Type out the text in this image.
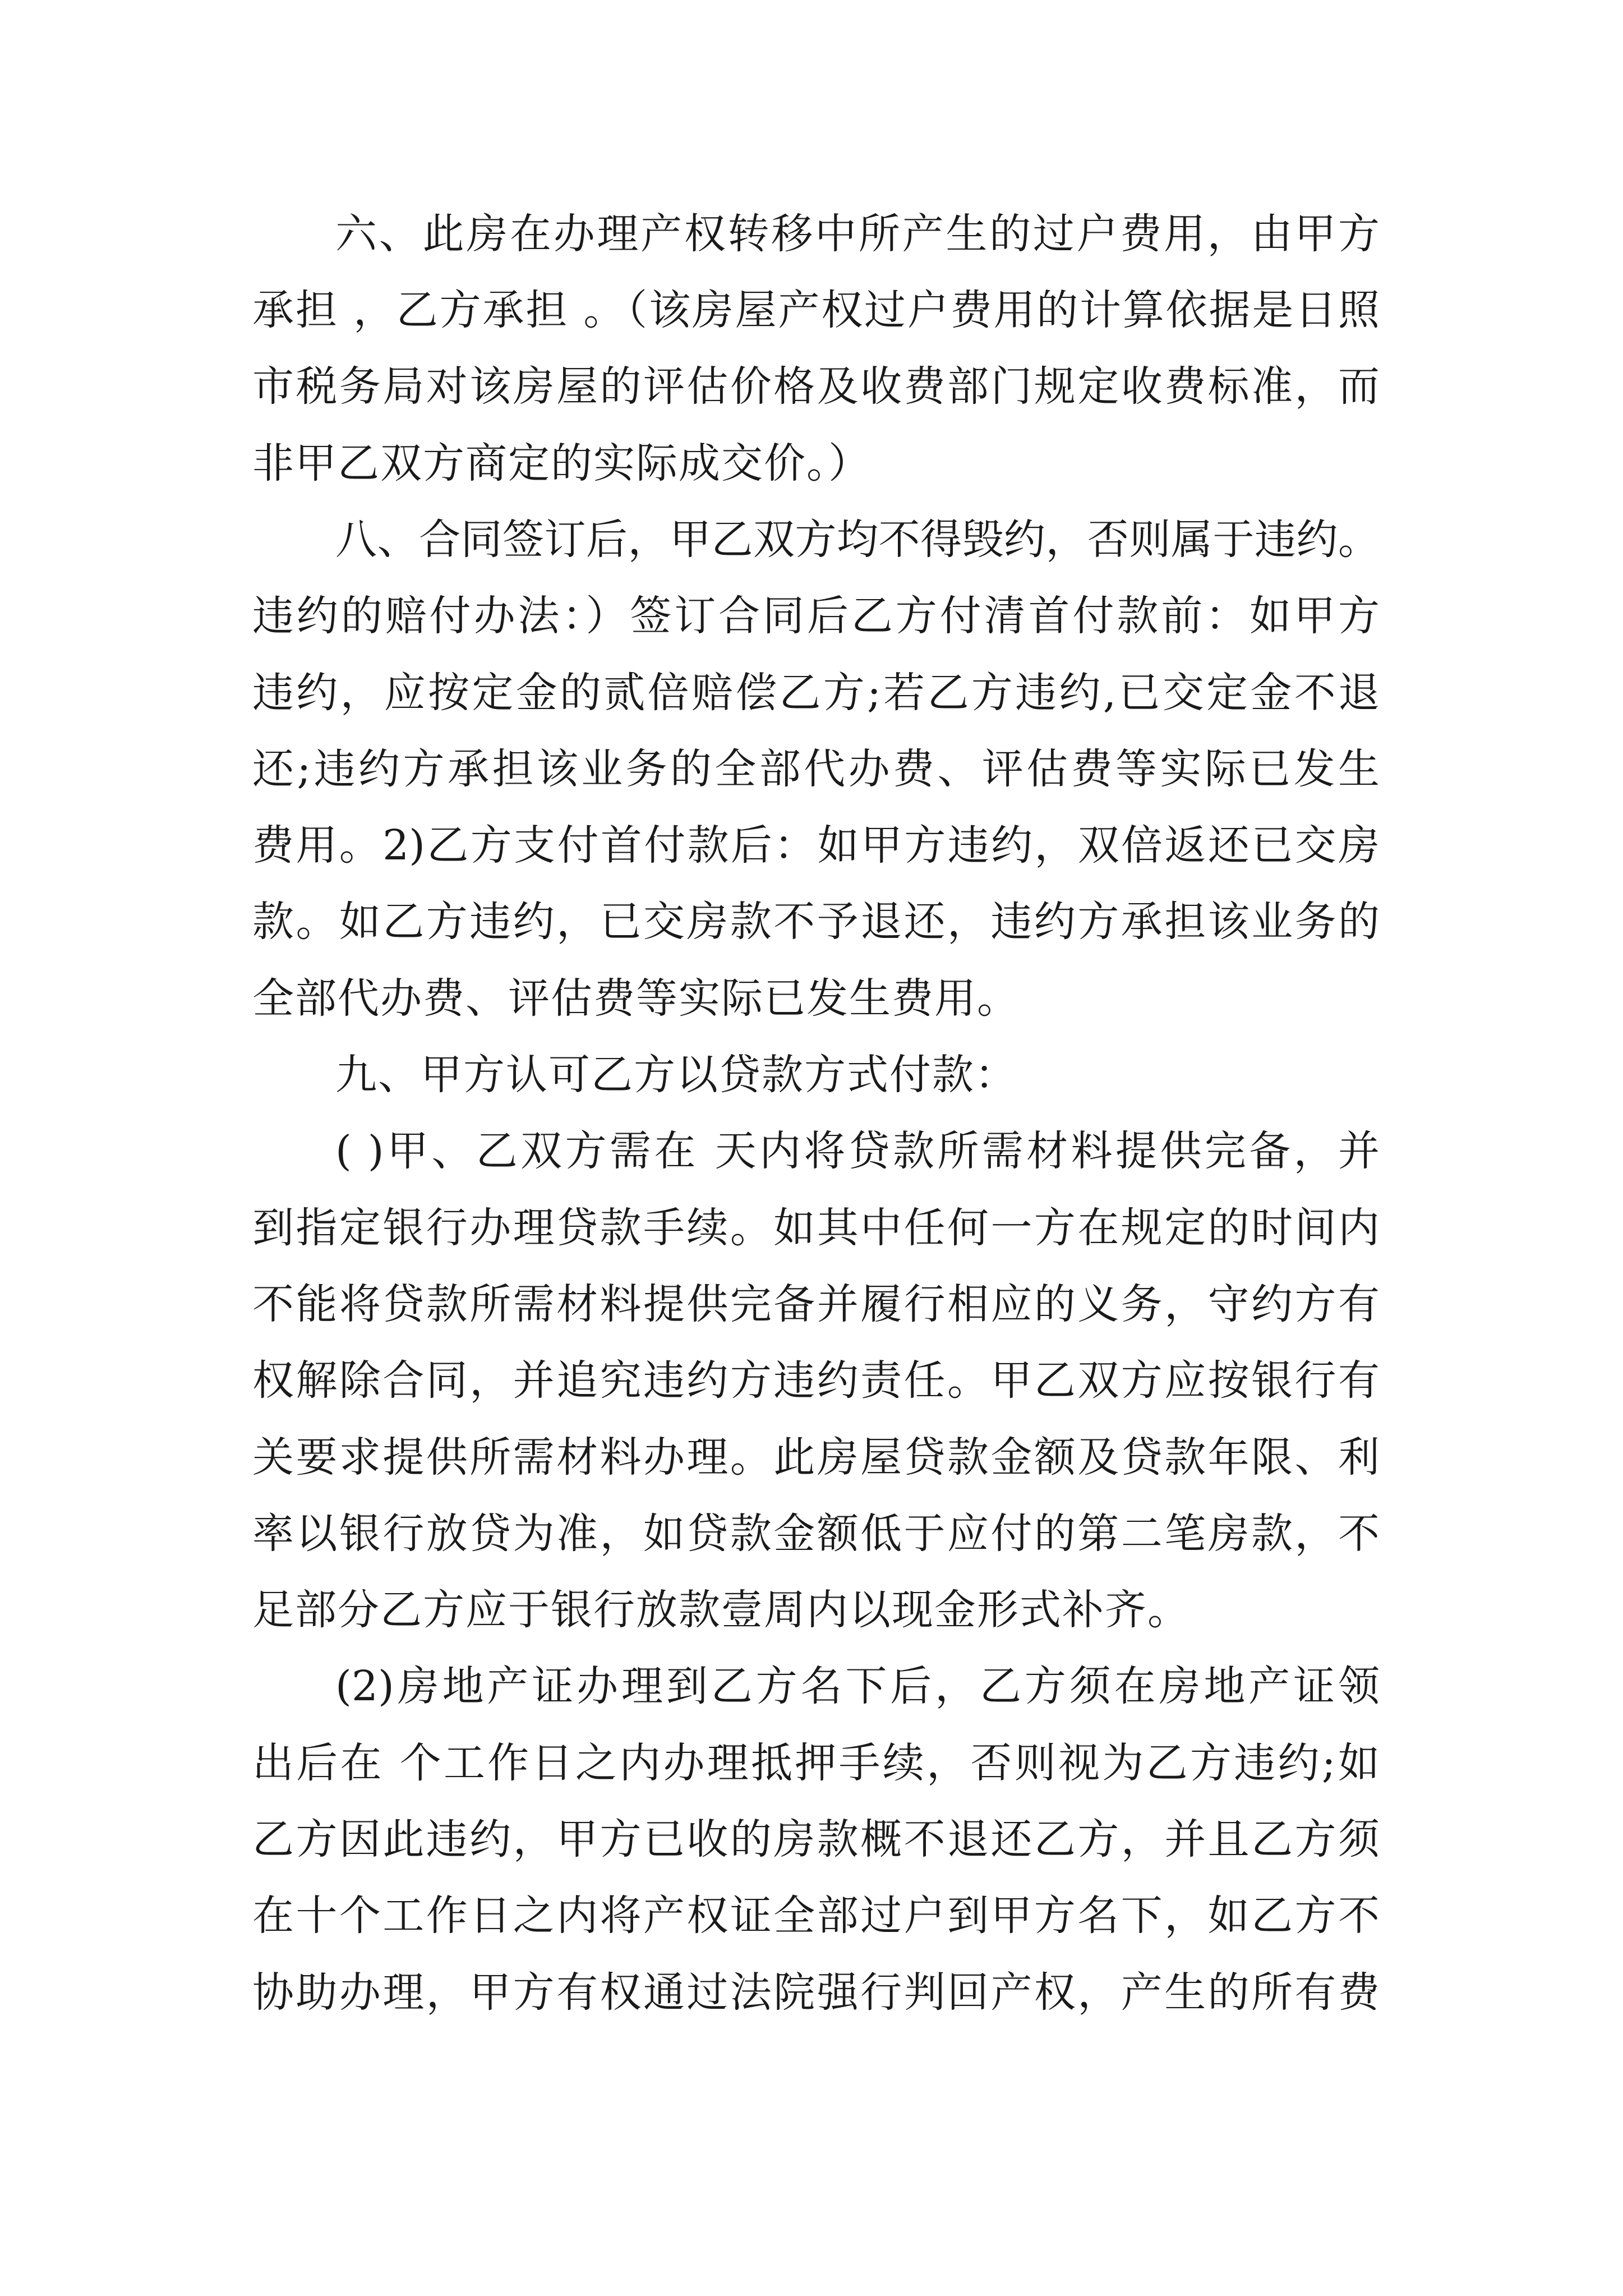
六、此房在办理产权转移中所产生的过户费用，由甲方
承担 ，乙方承担 。（该房屋产权过户费用的计算依据是日照
市税务局对该房屋的评估价格及收费部门规定收费标准，而
非甲乙双方商定的实际成交价。）
八、合同签订后，甲乙双方均不得毁约，否则属于违约。
违约的赔付办法：）签订合同后乙方付清首付款前：如甲方
违约，应按定金的贰倍赔偿乙方;若乙方违约,已交定金不退
还;违约方承担该业务的全部代办费、评估费等实际已发生
费用。2)乙方支付首付款后：如甲方违约，双倍返还已交房
款。如乙方违约，已交房款不予退还，违约方承担该业务的
全部代办费、评估费等实际已发生费用。
九、甲方认可乙方以贷款方式付款：
( )甲、乙双方需在 天内将贷款所需材料提供完备，并
到指定银行办理贷款手续。如其中任何一方在规定的时间内
不能将贷款所需材料提供完备并履行相应的义务，守约方有
权解除合同，并追究违约方违约责任。甲乙双方应按银行有
关要求提供所需材料办理。此房屋贷款金额及贷款年限、利
率以银行放贷为准，如贷款金额低于应付的第二笔房款，不
足部分乙方应于银行放款壹周内以现金形式补齐。
(2)房地产证办理到乙方名下后，乙方须在房地产证领
出后在 个工作日之内办理抵押手续，否则视为乙方违约;如
乙方因此违约，甲方已收的房款概不退还乙方，并且乙方须
在十个工作日之内将产权证全部过户到甲方名下，如乙方不
协助办理，甲方有权通过法院强行判回产权，产生的所有费
